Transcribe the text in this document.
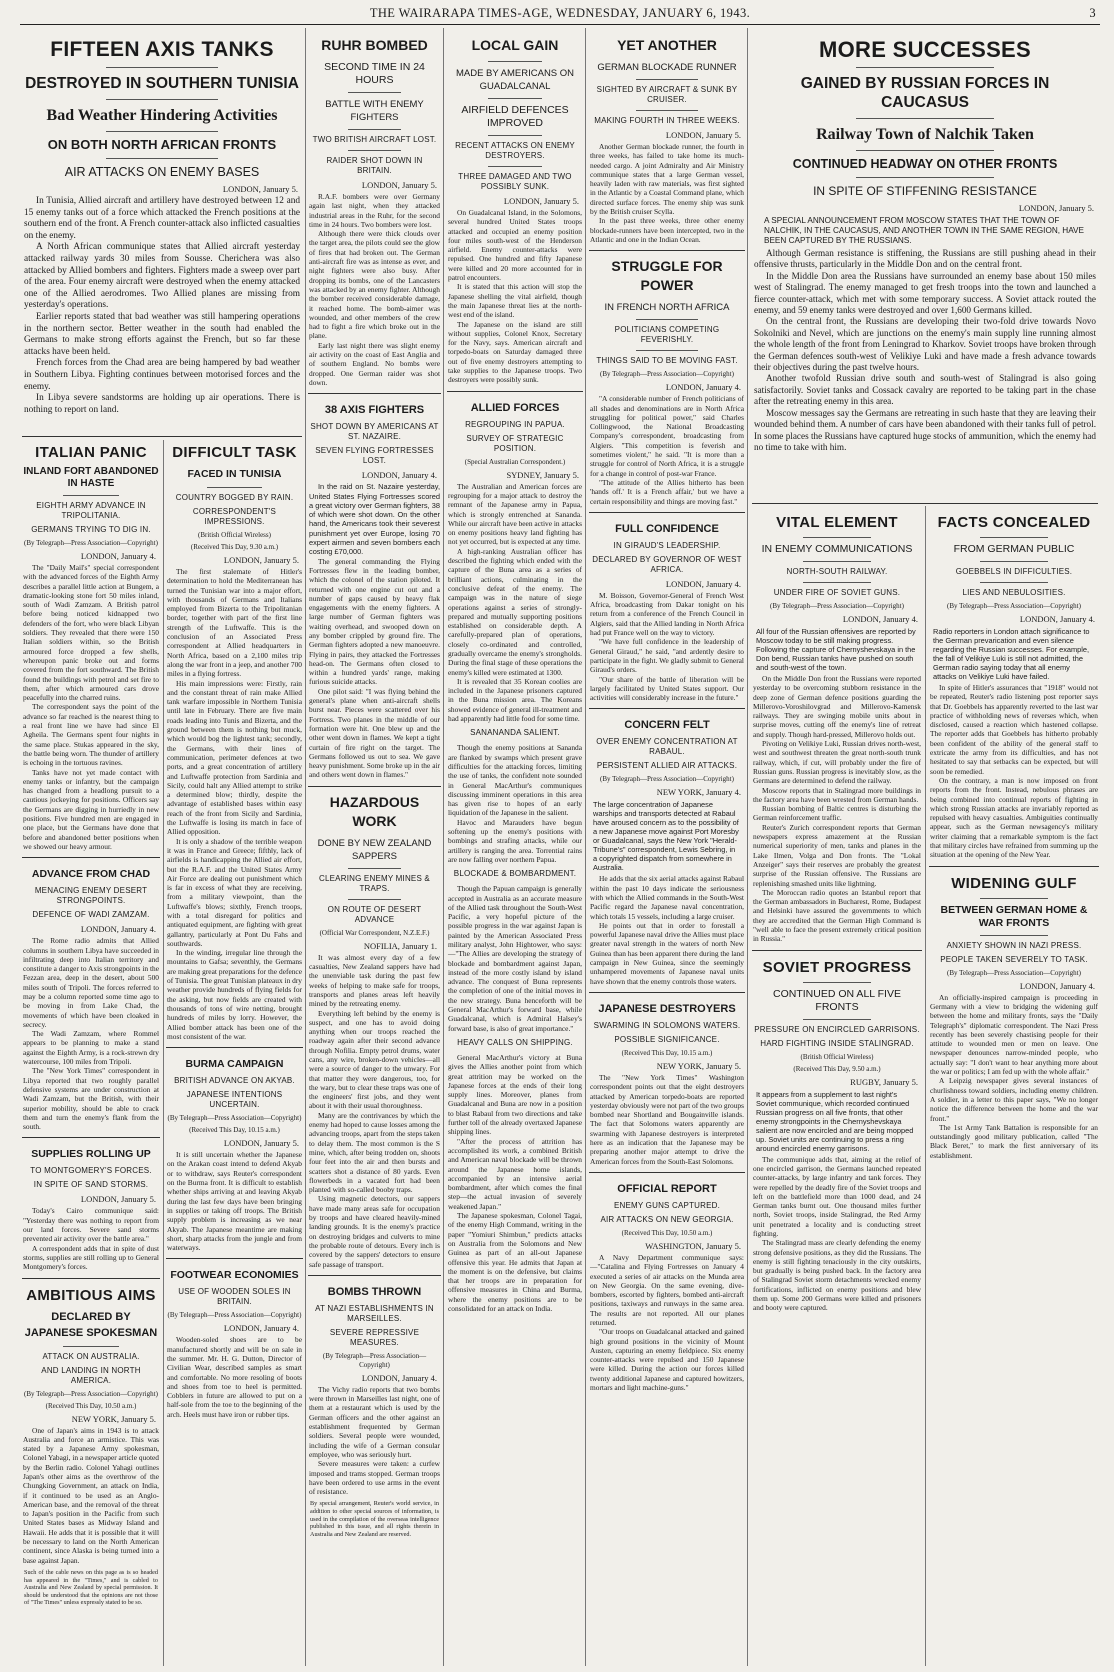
THE WAIRARAPA TIMES-AGE, WEDNESDAY, JANUARY 6, 1943.	3
FIFTEEN AXIS TANKS
DESTROYED IN SOUTHERN TUNISIA
Bad Weather Hindering Activities
ON BOTH NORTH AFRICAN FRONTS
AIR ATTACKS ON ENEMY BASES
LONDON, January 5.

In Tunisia, Allied aircraft and artillery have destroyed between 12 and 15 enemy tanks out of a force which attacked the French positions at the southern end of the front. A French counter-attack also inflicted casualties on the enemy.

A North African communique states that Allied aircraft yesterday attacked railway yards 30 miles from Sousse. Cherichera was also attacked by Allied bombers and fighters. Fighters made a sweep over part of the area. Four enemy aircraft were destroyed when the enemy attacked one of the Allied aerodromes. Two Allied planes are missing from yesterday's operations.

Earlier reports stated that bad weather was still hampering operations in the northern sector. Better weather in the south had enabled the Germans to make strong efforts against the French, but so far these attacks have been held.

French forces from the Chad area are being hampered by bad weather in Southern Libya. Fighting continues between motorised forces and the enemy.

In Libya severe sandstorms are holding up air operations. There is nothing to report on land.

ITALIAN PANIC
INLAND FORT ABANDONED IN HASTE
EIGHTH ARMY ADVANCE IN TRIPOLITANIA.
GERMANS TRYING TO DIG IN.
(By Telegraph—Press Association—Copyright)
LONDON, January 4.

The "Daily Mail's" special correspondent with the advanced forces of the Eighth Army describes a parallel little action at Bungem, a dramatic-looking stone fort 50 miles inland, south of Wadi Zamzam. A British patrol before being noticed kidnapped two defenders of the fort, who were black Libyan soldiers. They revealed that there were 150 Italian soldiers within, so the British armoured force dropped a few shells, whereupon panic broke out and forms covered from the fort southward. The British found the buildings with petrol and set fire to them, after which armoured cars drove peacefully into the charred ruins.

The correspondent says the point of the advance so far reached is the nearest thing to a real front line we have had since El Agheila. The Germans spent four nights in the same place. Stukas appeared in the sky, the battle being worn. The thunder of artillery is echoing in the tortuous ravines.

Tanks have not yet made contact with enemy tanks or infantry, but the campaign has changed from a headlong pursuit to a cautious jockeying for positions. Officers say the Germans are digging in hurriedly in new positions. Five hundred men are engaged in one place, but the Germans have done that before and abandoned better positions when we showed our heavy armour.

ADVANCE FROM CHAD
MENACING ENEMY DESERT STRONGPOINTS.
DEFENCE OF WADI ZAMZAM.
LONDON, January 4.

The Rome radio admits that Allied columns in southern Libya have succeeded in infiltrating deep into Italian territory and constitute a danger to Axis strongpoints in the Fezzan area, deep in the desert, about 500 miles south of Tripoli. The forces referred to may be a column reported some time ago to be moving in from Lake Chad, the movements of which have been cloaked in secrecy.

The Wadi Zamzam, where Rommel appears to be planning to make a stand against the Eighth Army, is a rock-strewn dry watercourse, 100 miles from Tripoli.

The "New York Times" correspondent in Libya reported that two roughly parallel defensive systems are under construction at Wadi Zamzam, but the British, with their superior mobility, should be able to crack them and turn the enemy's flank from the south.

SUPPLIES ROLLING UP
TO MONTGOMERY'S FORCES.
IN SPITE OF SAND STORMS.
LONDON, January 5.

Today's Cairo communique said: "Yesterday there was nothing to report from our land forces. Severe sand storms prevented air activity over the battle area."

A correspondent adds that in spite of dust storms, supplies are still rolling up to General Montgomery's forces.

AMBITIOUS AIMS
DECLARED BY JAPANESE SPOKESMAN
ATTACK ON AUSTRALIA.
AND LANDING IN NORTH AMERICA.
(By Telegraph—Press Association—Copyright)
(Received This Day, 10.50 a.m.)
NEW YORK, January 5.

One of Japan's aims in 1943 is to attack Australia and force an armistice. This was stated by a Japanese Army spokesman, Colonel Yabagi, in a newspaper article quoted by the Berlin radio. Colonel Yahagi outlines Japan's other aims as the overthrow of the Chungking Government, an attack on India, if it continued to be used as an Anglo-American base, and the removal of the threat to Japan's position in the Pacific from such United States bases as Midway Island and Hawaii. He adds that it is possible that it will be necessary to land on the North American continent, since Alaska is being turned into a base against Japan.

Such of the cable news on this page as is so headed has appeared in the "Times," and is cabled to Australia and New Zealand by special permission. It should be understood that the opinions are not those of "The Times" unless expressly stated to be so.
DIFFICULT TASK
FACED IN TUNISIA
COUNTRY BOGGED BY RAIN.
CORRESPONDENT'S IMPRESSIONS.
(British Official Wireless)
(Received This Day, 9.30 a.m.)
LONDON, January 5.

The first stalemate of Hitler's determination to hold the Mediterranean has turned the Tunisian war into a major effort, with thousands of Germans and Italians employed from Bizerta to the Tripolitanian border, together with part of the first line strength of the Luftwaffe. This is the conclusion of an Associated Press correspondent at Allied headquarters in North Africa, based on a 2,100 miles trip along the war front in a jeep, and another 700 miles in a flying fortress.

His main impressions were: Firstly, rain and the constant threat of rain make Allied tank warfare impossible in Northern Tunisia until late in February. There are five main roads leading into Tunis and Bizerta, and the ground between them is nothing but muck, which would bog the lightest tank; secondly, the Germans, with their lines of communication, perimeter defences at two ports, and a great concentration of artillery and Luftwaffe protection from Sardinia and Sicily, could halt any Allied attempt to strike a determined blow; thirdly, despite the advantage of established bases within easy reach of the front from Sicily and Sardinia, the Luftwaffe is losing its match in face of Allied opposition.

It is only a shadow of the terrible weapon it was in France and Greece; fifthly, lack of airfields is handicapping the Allied air effort, but the R.A.F. and the United States Army Air Force are dealing out punishment which is far in excess of what they are receiving, from a military viewpoint, than the Luftwaffe's blows; sixthly, French troops, with a total disregard for politics and antiquated equipment, are fighting with great gallantry, particularly at Pont Du Fahs and southwards.

In the winding, irregular line through the mountains to Gafsa; seventhly, the Germans are making great preparations for the defence of Tunisia. The great Tunisian plateaux in dry weather provide hundreds of flying fields for the asking, but now fields are created with thousands of tons of wire netting, brought hundreds of miles by lorry. However, the Allied bomber attack has been one of the most consistent of the war.

BURMA CAMPAIGN
BRITISH ADVANCE ON AKYAB.
JAPANESE INTENTIONS UNCERTAIN.
(By Telegraph—Press Association—Copyright)
(Received This Day, 10.15 a.m.)
LONDON, January 5.

It is still uncertain whether the Japanese on the Arakan coast intend to defend Akyab or to withdraw, says Reuter's correspondent on the Burma front. It is difficult to establish whether ships arriving at and leaving Akyab during the last few days have been bringing in supplies or taking off troops. The British supply problem is increasing as we near Akyab. The Japanese meantime are making short, sharp attacks from the jungle and from waterways.

FOOTWEAR ECONOMIES
USE OF WOODEN SOLES IN BRITAIN.
(By Telegraph—Press Association—Copyright)
LONDON, January 4.

Wooden-soled shoes are to be manufactured shortly and will be on sale in the summer. Mr. H. G. Dutton, Director of Civilian Wear, described samples as smart and comfortable. No more resoling of boots and shoes from toe to heel is permitted. Cobblers in future are allowed to put on a half-sole from the toe to the beginning of the arch. Heels must have iron or rubber tips.

RUHR BOMBED
SECOND TIME IN 24 HOURS
BATTLE WITH ENEMY FIGHTERS
TWO BRITISH AIRCRAFT LOST.
RAIDER SHOT DOWN IN BRITAIN.
LONDON, January 5.

R.A.F. bombers were over Germany again last night, when they attacked industrial areas in the Ruhr, for the second time in 24 hours. Two bombers were lost.

Although there were thick clouds over the target area, the pilots could see the glow of fires that had broken out. The German anti-aircraft fire was as intense as ever, and night fighters were also busy. After dropping its bombs, one of the Lancasters was attacked by an enemy fighter. Although the bomber received considerable damage, it reached home. The bomb-aimer was wounded, and other members of the crew had to fight a fire which broke out in the plane.

Early last night there was slight enemy air activity on the coast of East Anglia and of southern England. No bombs were dropped. One German raider was shot down.

38 AXIS FIGHTERS
SHOT DOWN BY AMERICANS AT ST. NAZAIRE.
SEVEN FLYING FORTRESSES LOST.
LONDON, January 4.

In the raid on St. Nazaire yesterday, United States Flying Fortresses scored a great victory over German fighters, 38 of which were shot down. On the other hand, the Americans took their severest punishment yet over Europe, losing 70 expert airmen and seven bombers each costing £70,000.

The general commanding the Flying Fortresses flew in the leading bomber, which the colonel of the station piloted. It returned with one engine cut out and a number of gaps caused by heavy flak engagements with the enemy fighters. A large number of German fighters was waiting overhead, and swooped down on any bomber crippled by ground fire. The German fighters adopted a new manoeuvre. Flying in pairs, they attacked the Fortresses head-on. The Germans often closed to within a hundred yards' range, making furious suicide attacks.

One pilot said: "I was flying behind the general's plane when anti-aircraft shells burst near. Pieces were scattered over his Fortress. Two planes in the middle of our formation were hit. One blew up and the other went down in flames. We kept a tight curtain of fire right on the target. The Germans followed us out to sea. We gave heavy punishment. Some broke up in the air and others went down in flames."

HAZARDOUS WORK
DONE BY NEW ZEALAND SAPPERS
CLEARING ENEMY MINES & TRAPS.
ON ROUTE OF DESERT ADVANCE
(Official War Correspondent, N.Z.E.F.)
NOFILIA, January 1.

It was almost every day of a few casualties, New Zealand sappers have had the unenviable task during the past few weeks of helping to make safe for troops, transports and planes areas left heavily mined by the retreating enemy.

Everything left behind by the enemy is suspect, and one has to avoid doing anything when our troops reached the roadway again after their second advance through Nofilia. Empty petrol drums, water cans, any wire, broken-down vehicles—all were a source of danger to the unwary. For that matter they were dangerous, too, for the wary, but to clear these traps was one of the engineers' first jobs, and they went about it with their usual thoroughness.

Many are the contrivances by which the enemy had hoped to cause losses among the advancing troops, apart from the steps taken to delay them. The most common is the S mine, which, after being trodden on, shoots four feet into the air and then bursts and scatters shot a distance of 80 yards. Even flowerbeds in a vacated fort had been planted with so-called booby traps.

Using magnetic detectors, our sappers have made many areas safe for occupation by troops and have cleared heavily-mined landing grounds. It is the enemy's practice on destroying bridges and culverts to mine the probable route of detours. Every inch is covered by the sappers' detectors to ensure safe passage of transport.

BOMBS THROWN
AT NAZI ESTABLISHMENTS IN MARSEILLES.
SEVERE REPRESSIVE MEASURES.
(By Telegraph—Press Association—Copyright)
LONDON, January 4.

The Vichy radio reports that two bombs were thrown in Marseilles last night, one of them at a restaurant which is used by the German officers and the other against an establishment frequented by German soldiers. Several people were wounded, including the wife of a German consular employee, who was seriously hurt.

Severe measures were taken: a curfew imposed and trams stopped. German troops have been ordered to use arms in the event of resistance.

By special arrangement, Reuter's world service, in addition to other special sources of information, is used in the compilation of the overseas intelligence published in this issue, and all rights therein in Australia and New Zealand are reserved.
LOCAL GAIN
MADE BY AMERICANS ON GUADALCANAL
AIRFIELD DEFENCES IMPROVED
RECENT ATTACKS ON ENEMY DESTROYERS.
THREE DAMAGED AND TWO POSSIBLY SUNK.
LONDON, January 5.

On Guadalcanal Island, in the Solomons, several hundred United States troops attacked and occupied an enemy position four miles south-west of the Henderson airfield. Enemy counter-attacks were repulsed. One hundred and fifty Japanese were killed and 20 more accounted for in patrol encounters.

It is stated that this action will stop the Japanese shelling the vital airfield, though the main Japanese threat lies at the north-west end of the island.

The Japanese on the island are still without supplies, Colonel Knox, Secretary for the Navy, says. American aircraft and torpedo-boats on Saturday damaged three out of five enemy destroyers attempting to take supplies to the Japanese troops. Two destroyers were possibly sunk.

ALLIED FORCES
REGROUPING IN PAPUA.
SURVEY OF STRATEGIC POSITION.
(Special Australian Correspondent.)
SYDNEY, January 5.

The Australian and American forces are regrouping for a major attack to destroy the remnant of the Japanese army in Papua, which is strongly entrenched at Sananda. While our aircraft have been active in attacks on enemy positions heavy land fighting has not yet occurred, but is expected at any time.

A high-ranking Australian officer has described the fighting which ended with the capture of the Buna area as a series of brilliant actions, culminating in the conclusive defeat of the enemy. The campaign was in the nature of siege operations against a series of strongly-prepared and mutually supporting positions established on considerable depth. A carefully-prepared plan of operations, closely co-ordinated and controlled, gradually overcame the enemy's strongholds. During the final stage of these operations the enemy's killed were estimated at 1300.

It is revealed that 35 Korean coolies are included in the Japanese prisoners captured in the Buna mission area. The Koreans showed evidence of general ill-treatment and had apparently had little food for some time.

SANANANDA SALIENT.

Though the enemy positions at Sananda are flanked by swamps which present grave difficulties for the attacking forces, limiting the use of tanks, the confident note sounded in General MacArthur's communiques discussing imminent operations in this area has given rise to hopes of an early liquidation of the Japanese in the salient.

Havoc and Marauders have begun softening up the enemy's positions with bombings and strafing attacks, while our artillery is ranging the area. Torrential rains are now falling over northern Papua.

BLOCKADE & BOMBARDMENT.

Though the Papuan campaign is generally accepted in Australia as an accurate measure of the Allied task throughout the South-West Pacific, a very hopeful picture of the possible progress in the war against Japan is painted by the American Associated Press military analyst, John Hightower, who says:—"The Allies are developing the strategy of blockade and bombardment against Japan, instead of the more costly island by island advance. The conquest of Buna represents the completion of one of the initial moves in the new strategy. Buna henceforth will be General MacArthur's forward base, while Guadalcanal, which is Admiral Halsey's forward base, is also of great importance."

HEAVY CALLS ON SHIPPING.

General MacArthur's victory at Buna gives the Allies another point from which great attrition may be worked on the Japanese forces at the ends of their long supply lines. Moreover, planes from Guadalcanal and Buna are now in a position to blast Rabaul from two directions and take further toll of the already overtaxed Japanese shipping lines.

"After the process of attrition has accomplished its work, a combined British and American naval blockade will be thrown around the Japanese home islands, accompanied by an intensive aerial bombardment, after which comes the final step—the actual invasion of severely weakened Japan."

The Japanese spokesman, Colonel Tagai, of the enemy High Command, writing in the paper "Yomiuri Shimbun," predicts attacks on Australia from the Solomons and New Guinea as part of an all-out Japanese offensive this year. He admits that Japan at the moment is on the defensive, but claims that her troops are in preparation for offensive measures in China and Burma, where the enemy positions are to be consolidated for an attack on India.

YET ANOTHER
GERMAN BLOCKADE RUNNER
SIGHTED BY AIRCRAFT & SUNK BY CRUISER.
MAKING FOURTH IN THREE WEEKS.
LONDON, January 5.

Another German blockade runner, the fourth in three weeks, has failed to take home its much-needed cargo. A joint Admiralty and Air Ministry communique states that a large German vessel, heavily laden with raw materials, was first sighted in the Atlantic by a Coastal Command plane, which directed surface forces. The enemy ship was sunk by the British cruiser Scylla.

In the past three weeks, three other enemy blockade-runners have been intercepted, two in the Atlantic and one in the Indian Ocean.

STRUGGLE FOR POWER
IN FRENCH NORTH AFRICA
POLITICIANS COMPETING FEVERISHLY.
THINGS SAID TO BE MOVING FAST.
(By Telegraph—Press Association—Copyright)
LONDON, January 4.

"A considerable number of French politicians of all shades and denominations are in North Africa struggling for political power," said Charles Collingwood, the National Broadcasting Company's correspondent, broadcasting from Algiers. "This competition is feverish and sometimes violent," he said. "It is more than a struggle for control of North Africa, it is a struggle for a change in control of post-war France.

"The attitude of the Allies hitherto has been 'hands off.' It is a French affair,' but we have a certain responsibility and things are moving fast."

FULL CONFIDENCE
IN GIRAUD'S LEADERSHIP.
DECLARED BY GOVERNOR OF WEST AFRICA.
LONDON, January 4.

M. Boisson, Governor-General of French West Africa, broadcasting from Dakar tonight on his return from a conference of the French Council in Algiers, said that the Allied landing in North Africa had put France well on the way to victory.

"We have full confidence in the leadership of General Giraud," he said, "and ardently desire to participate in the fight. We gladly submit to General Giraud's orders.

"Our share of the battle of liberation will be largely facilitated by United States support. Our activities will considerably increase in the future."

CONCERN FELT
OVER ENEMY CONCENTRATION AT RABAUL.
PERSISTENT ALLIED AIR ATTACKS.
(By Telegraph—Press Association—Copyright)
NEW YORK, January 4.
The large concentration of Japanese warships and transports detected at Rabaul have aroused concern as to the possibility of a new Japanese move against Port Moresby or Guadalcanal, says the New York "Herald-Tribune's" correspondent, Lewis Sebring, in a copyrighted dispatch from somewhere in Australia.

He adds that the six aerial attacks against Rabaul within the past 10 days indicate the seriousness with which the Allied commands in the South-West Pacific regard the Japanese naval concentration, which totals 15 vessels, including a large cruiser.

He points out that in order to forestall a powerful Japanese naval drive the Allies must place greater naval strength in the waters of north New Guinea than has been apparent there during the land campaign in New Guinea, since the seemingly unhampered movements of Japanese naval units have shown that the enemy controls those waters.

JAPANESE DESTROYERS
SWARMING IN SOLOMONS WATERS.
POSSIBLE SIGNIFICANCE.
(Received This Day, 10.15 a.m.)
NEW YORK, January 5.

The "New York Times" Washington correspondent points out that the eight destroyers attacked by American torpedo-boats are reported yesterday obviously were not part of the two groups bombed near Shortland and Bougainville islands. The fact that Solomons waters apparently are swarming with Japanese destroyers is interpreted here as an indication that the Japanese may be preparing another major attempt to drive the American forces from the South-East Solomons.

OFFICIAL REPORT
ENEMY GUNS CAPTURED.
AIR ATTACKS ON NEW GEORGIA.
(Received This Day, 10.50 a.m.)
WASHINGTON, January 5.

A Navy Department communique says:—"Catalina and Flying Fortresses on January 4 executed a series of air attacks on the Munda area on New Georgia. On the same evening, dive-bombers, escorted by fighters, bombed anti-aircraft positions, taxiways and runways in the same area. The results are not reported. All our planes returned.

"Our troops on Guadalcanal attacked and gained high ground positions in the vicinity of Mount Austen, capturing an enemy fieldpiece. Six enemy counter-attacks were repulsed and 150 Japanese were killed. During the action our forces killed twenty additional Japanese and captured howitzers, mortars and light machine-guns."

MORE SUCCESSES
GAINED BY RUSSIAN FORCES IN CAUCASUS
Railway Town of Nalchik Taken
CONTINUED HEADWAY ON OTHER FRONTS
IN SPITE OF STIFFENING RESISTANCE
LONDON, January 5.
A SPECIAL ANNOUNCEMENT FROM MOSCOW STATES THAT THE TOWN OF NALCHIK, IN THE CAUCASUS, AND ANOTHER TOWN IN THE SAME REGION, HAVE BEEN CAPTURED BY THE RUSSIANS.

Although German resistance is stiffening, the Russians are still pushing ahead in their offensive thrusts, particularly in the Middle Don and on the central front.

In the Middle Don area the Russians have surrounded an enemy base about 150 miles west of Stalingrad. The enemy managed to get fresh troops into the town and launched a fierce counter-attack, which met with some temporary success. A Soviet attack routed the enemy, and 59 enemy tanks were destroyed and over 1,600 Germans killed.

On the central front, the Russians are developing their two-fold drive towards Novo Sokolniki and Nevel, which are junctions on the enemy's main supply line running almost the whole length of the front from Leningrad to Kharkov. Soviet troops have broken through the German defences south-west of Velikiye Luki and have made a fresh advance towards their objectives during the past twelve hours.

Another twofold Russian drive south and south-west of Stalingrad is also going satisfactorily. Soviet tanks and Cossack cavalry are reported to be taking part in the chase after the retreating enemy in this area.

Moscow messages say the Germans are retreating in such haste that they are leaving their wounded behind them. A number of cars have been abandoned with their tanks full of petrol. In some places the Russians have captured huge stocks of ammunition, which the enemy had no time to take with him.

VITAL ELEMENT
IN ENEMY COMMUNICATIONS
NORTH-SOUTH RAILWAY.
UNDER FIRE OF SOVIET GUNS.
(By Telegraph—Press Association—Copyright)
LONDON, January 4.
All four of the Russian offensives are reported by Moscow today to be still making progress. Following the capture of Chernyshevskaya in the Don bend, Russian tanks have pushed on south and south-west of the town.

On the Middle Don front the Russians were reported yesterday to be overcoming stubborn resistance in the deep zone of German defence positions guarding the Millerovo-Voroshilovgrad and Millerovo-Kamensk railways. They are swinging mobile units about in surprise moves, cutting off the enemy's line of retreat and supply. Though hard-pressed, Millerovo holds out.

Pivoting on Velikiye Luki, Russian drives north-west, west and southwest threaten the great north-south trunk railway, which, if cut, will probably under the fire of Russian guns. Russian progress is inevitably slow, as the Germans are determined to defend the railway.

Moscow reports that in Stalingrad more buildings in the factory area have been wrested from German hands.

Russian bombing of Baltic centres is disturbing the German reinforcement traffic.

Reuter's Zurich correspondent reports that German newspapers express amazement at the Russian numerical superiority of men, tanks and planes in the Lake Ilmen, Volga and Don fronts. The "Lokal Anzeiger" says their reserves are probably the greatest surprise of the Russian offensive. The Russians are replenishing smashed units like lightning.

The Moroccan radio quotes an Istanbul report that the German ambassadors in Bucharest, Rome, Budapest and Helsinki have assured the governments to which they are accredited that the German High Command is "well able to face the present extremely critical position in Russia."

SOVIET PROGRESS
CONTINUED ON ALL FIVE FRONTS
PRESSURE ON ENCIRCLED GARRISONS.
HARD FIGHTING INSIDE STALINGRAD.
(British Official Wireless)
(Received This Day, 9.50 a.m.)
RUGBY, January 5.
It appears from a supplement to last night's Soviet communique, which recorded continued Russian progress on all five fronts, that other enemy strongpoints in the Chernyshevskaya salient are now encircled and are being mopped up. Soviet units are continuing to press a ring around encircled enemy garrisons.

The communique adds that, aiming at the relief of one encircled garrison, the Germans launched repeated counter-attacks, by large infantry and tank forces. They were repelled by the deadly fire of the Soviet troops and left on the battlefield more than 1000 dead, and 24 German tanks burnt out. One thousand miles further north, Soviet troops, inside Stalingrad, the Red Army unit penetrated a locality and is conducting street fighting.

The Stalingrad mass are clearly defending the enemy strong defensive positions, as they did the Russians. The enemy is still fighting tenaciously in the city outskirts, but gradually is being pushed back. In the factory area of Stalingrad Soviet storm detachments wrecked enemy fortifications, inflicted on enemy positions and blew them up. Some 200 Germans were killed and prisoners and booty were captured.

FACTS CONCEALED
FROM GERMAN PUBLIC
GOEBBELS IN DIFFICULTIES.
LIES AND NEBULOSITIES.
(By Telegraph—Press Association—Copyright)
LONDON, January 4.
Radio reporters in London attach significance to the German prevarication and even silence regarding the Russian successes. For example, the fall of Velikiye Luki is still not admitted, the German radio saying today that all enemy attacks on Velikiye Luki have failed.

In spite of Hitler's assurances that "1918" would not be repeated, Reuter's radio listening post reporter says that Dr. Goebbels has apparently reverted to the last war practice of withholding news of reverses which, when disclosed, caused a reaction which hastened collapse. The reporter adds that Goebbels has hitherto probably been confident of the ability of the general staff to extricate the army from its difficulties, and has not hesitated to say that setbacks can be expected, but will soon be remedied.

On the contrary, a man is now imposed on front reports from the front. Instead, nebulous phrases are being combined into continual reports of fighting in which strong Russian attacks are invariably reported as repulsed with heavy casualties. Ambiguities continually appear, such as the German newsagency's military writer claiming that a remarkable symptom is the fact that military circles have refrained from summing up the situation at the opening of the New Year.

WIDENING GULF
BETWEEN GERMAN HOME & WAR FRONTS
ANXIETY SHOWN IN NAZI PRESS.
PEOPLE TAKEN SEVERELY TO TASK.
(By Telegraph—Press Association—Copyright)
LONDON, January 4.

An officially-inspired campaign is proceeding in Germany with a view to bridging the widening gulf between the home and military fronts, says the "Daily Telegraph's" diplomatic correspondent. The Nazi Press recently has been severely chastising people for their attitude to wounded men or men on leave. One newspaper denounces narrow-minded people, who actually say: "I don't want to hear anything more about the war or politics; I am fed up with the whole affair."

A Leipzig newspaper gives several instances of churlishness toward soldiers, including enemy children. A soldier, in a letter to this paper says, "We no longer notice the difference between the home and the war front."

The 1st Army Tank Battalion is responsible for an outstandingly good military publication, called "The Black Beret," to mark the first anniversary of its establishment.
